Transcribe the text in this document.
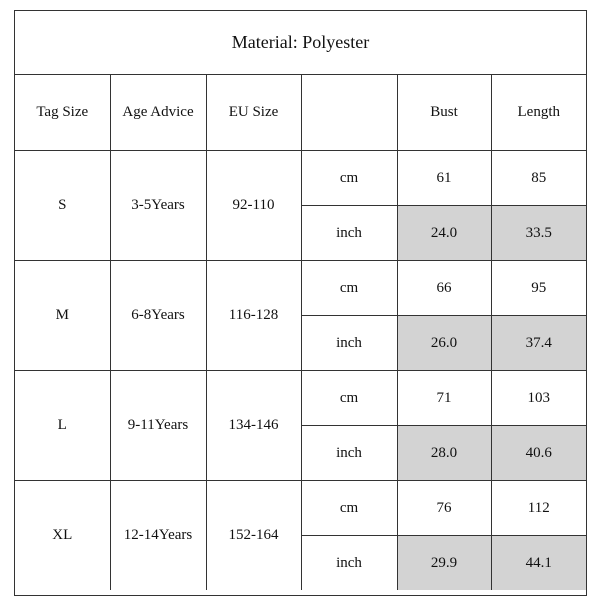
Material: Polyester					
Tag Size	Age Advice	EU Size		Bust	Length
S	3-5Years	92-110	cm	61	85
			inch	24.0	33.5
M	6-8Years	116-128	cm	66	95
			inch	26.0	37.4
L	9-11Years	134-146	cm	71	103
			inch	28.0	40.6
XL	12-14Years	152-164	cm	76	112
			inch	29.9	44.1
